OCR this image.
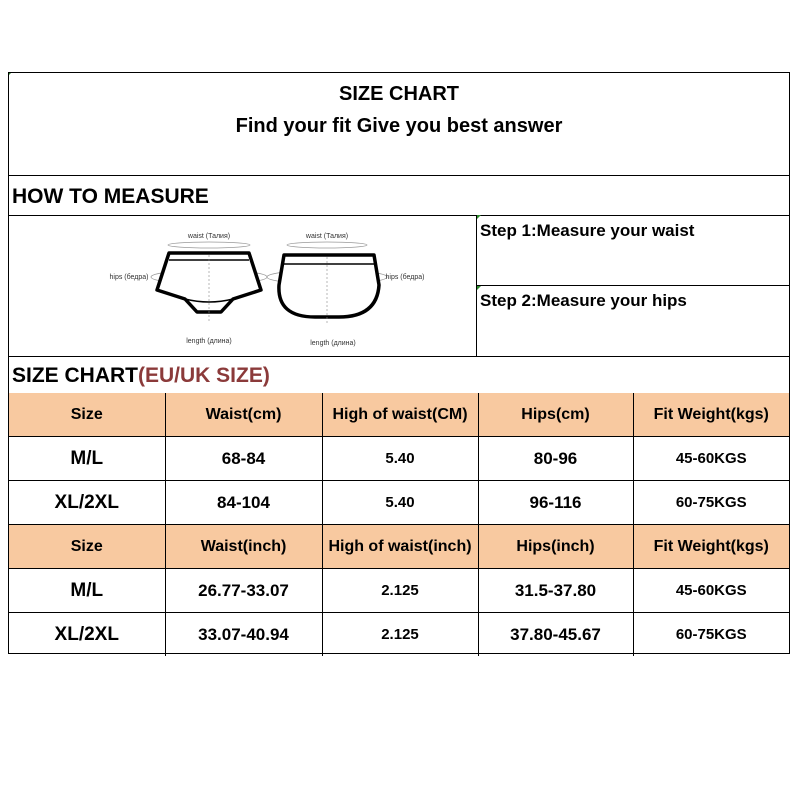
SIZE CHART
Find your fit Give you best answer
HOW TO MEASURE
waist (Талия)
hips (бедра)
length (длина)
waist (Талия)
hips (бедра)
length (длина)
Step 1:Measure your waist
Step 2:Measure your hips
SIZE CHART(EU/UK SIZE)
Size	Waist(cm)	High of waist(CM)	Hips(cm)	Fit Weight(kgs)
M/L	68-84	5.40	80-96	45-60KGS
XL/2XL	84-104	5.40	96-116	60-75KGS
Size	Waist(inch)	High of waist(inch)	Hips(inch)	Fit Weight(kgs)
M/L	26.77-33.07	2.125	31.5-37.80	45-60KGS
XL/2XL	33.07-40.94	2.125	37.80-45.67	60-75KGS
